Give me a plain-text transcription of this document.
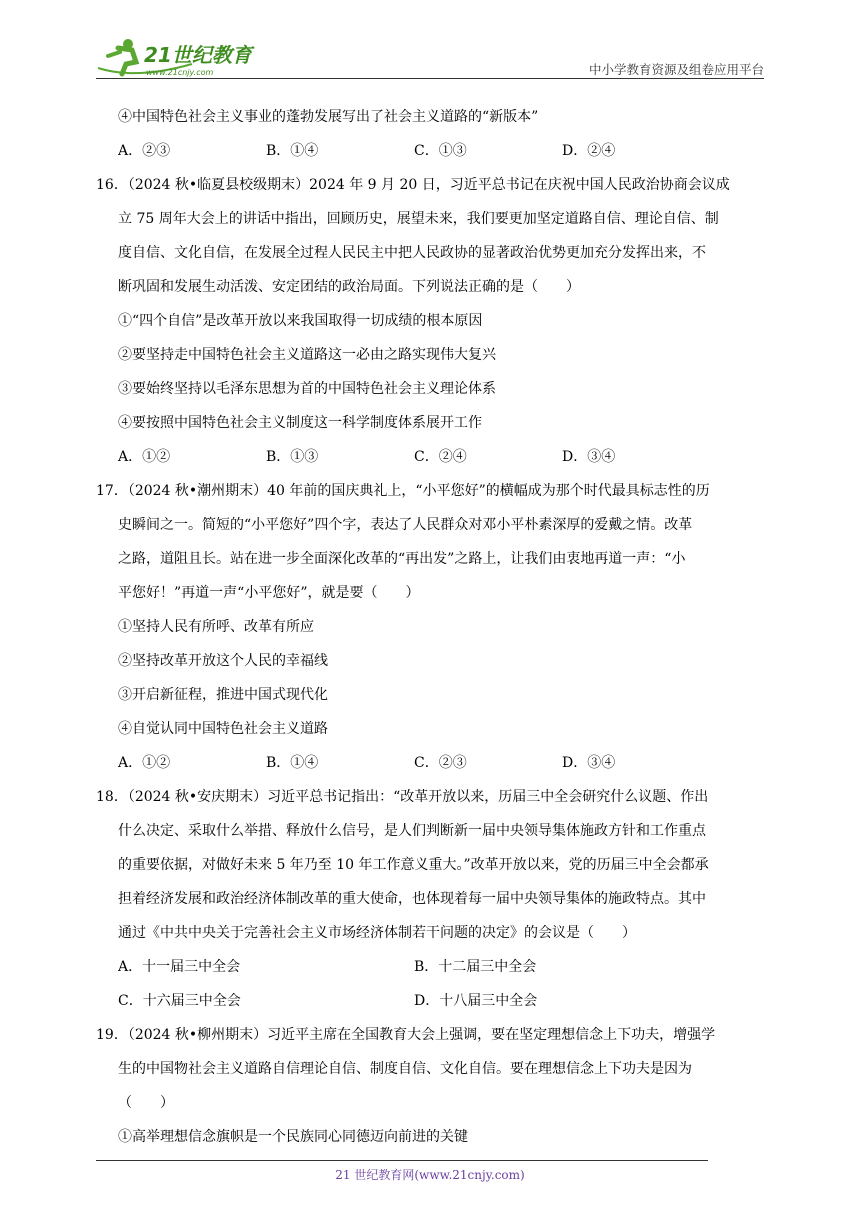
21世纪教育
www.21cnjy.com	中小学教育资源及组卷应用平台
④中国特色社会主义事业的蓬勃发展写出了社会主义道路的“新版本”
A．②③	B．①④	C．①③	D．②④
16．（2024 秋•临夏县校级期末）2024 年 9 月 20 日，习近平总书记在庆祝中国人民政治协商会议成
立 75 周年大会上的讲话中指出，回顾历史，展望未来，我们要更加坚定道路自信、理论自信、制
度自信、文化自信，在发展全过程人民民主中把人民政协的显著政治优势更加充分发挥出来，不
断巩固和发展生动活泼、安定团结的政治局面。下列说法正确的是（　　）
①“四个自信”是改革开放以来我国取得一切成绩的根本原因
②要坚持走中国特色社会主义道路这一必由之路实现伟大复兴
③要始终坚持以毛泽东思想为首的中国特色社会主义理论体系
④要按照中国特色社会主义制度这一科学制度体系展开工作
A．①②	B．①③	C．②④	D．③④
17．（2024 秋•潮州期末）40 年前的国庆典礼上，“小平您好”的横幅成为那个时代最具标志性的历
史瞬间之一。简短的“小平您好”四个字，表达了人民群众对邓小平朴素深厚的爱戴之情。改革
之路，道阻且长。站在进一步全面深化改革的“再出发”之路上，让我们由衷地再道一声：“小
平您好！”再道一声“小平您好”，就是要（　　）
①坚持人民有所呼、改革有所应
②坚持改革开放这个人民的幸福线
③开启新征程，推进中国式现代化
④自觉认同中国特色社会主义道路
A．①②	B．①④	C．②③	D．③④
18．（2024 秋•安庆期末）习近平总书记指出：“改革开放以来，历届三中全会研究什么议题、作出
什么决定、采取什么举措、释放什么信号，是人们判断新一届中央领导集体施政方针和工作重点
的重要依据，对做好未来 5 年乃至 10 年工作意义重大。”改革开放以来，党的历届三中全会都承
担着经济发展和政治经济体制改革的重大使命，也体现着每一届中央领导集体的施政特点。其中
通过《中共中央关于完善社会主义市场经济体制若干问题的决定》的会议是（　　）
A．十一届三中全会	B．十二届三中全会
C．十六届三中全会	D．十八届三中全会
19．（2024 秋•柳州期末）习近平主席在全国教育大会上强调，要在坚定理想信念上下功夫，增强学
生的中国物社会主义道路自信理论自信、制度自信、文化自信。要在理想信念上下功夫是因为
（　　）
①高举理想信念旗帜是一个民族同心同德迈向前进的关键
21 世纪教育网(www.21cnjy.com)
